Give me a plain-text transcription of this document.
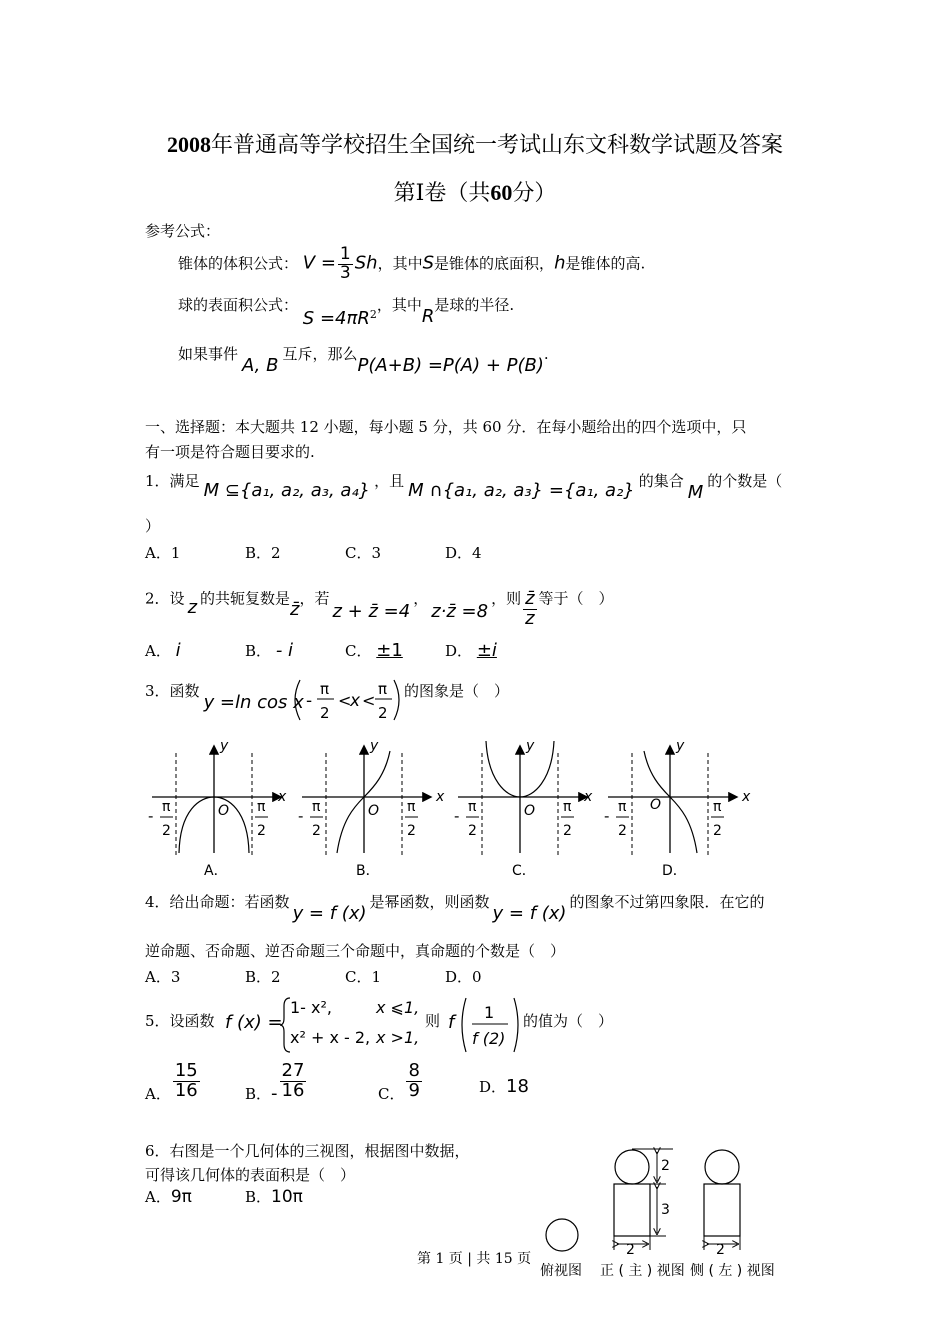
2008年普通高等学校招生全国统一考试山东文科数学试题及答案
第Ⅰ卷（共60分）
参考公式：
锥体的体积公式： $V = \frac{1}{3}$ Sh，其中S是锥体的底面积，h是锥体的高.
球的表面积公式： $S =4\pi R^2$，其中R是球的半径.
如果事件A, B互斥，那么P(A+B) =P(A) + P(B).
一、选择题：本大题共 12 小题，每小题 5 分，共 60 分．在每小题给出的四个选项中，只
有一项是符合题目要求的.
1．满足 M ⊆{a₁, a₂, a₃, a₄} ，且 M ∩{a₁, a₂, a₃} ={a₁, a₂} 的集合M的个数是（
）
A．1	B．2	C．3	D．4
2．设 z 的共轭复数是z̄，若z + z̄ =4，z·z̄ =8，则 $\frac{z̄}{z}$ 等于（　）
A． i	B． - i	C． ±1	D． ±i
3．函数y =ln cos x -
π
2
<
x <
π
2
的图象是（　）
y
x
O
- π
2
π
2
A．
y
x
O
- π
2
π
2
B．
y
x
O
- π
2
π
2
C．
y
x
O
- π
2
π
2
D．
4．给出命题：若函数y = f (x)是幂函数，则函数y = f (x)的图象不过第四象限．在它的
逆命题、否命题、逆否命题三个命题中，真命题的个数是（　）
A．3	B．2	C．1	D．0
5．设函数 f (x) =
1- x²,	x ⩽1,
x² + x - 2, x >1,
则 f 1
f (2)
的值为（　）
A． $\frac{15}{16}$	B．- $\frac{27}{16}$	C． $\frac{8}{9}$	D．18
6．右图是一个几何体的三视图，根据图中数据，
可得该几何体的表面积是（　）
A．9π	B．10π
2
3
2	2
俯视图 正 ( 主 ) 视图 侧 ( 左 ) 视图
第 1 页 | 共 15 页
